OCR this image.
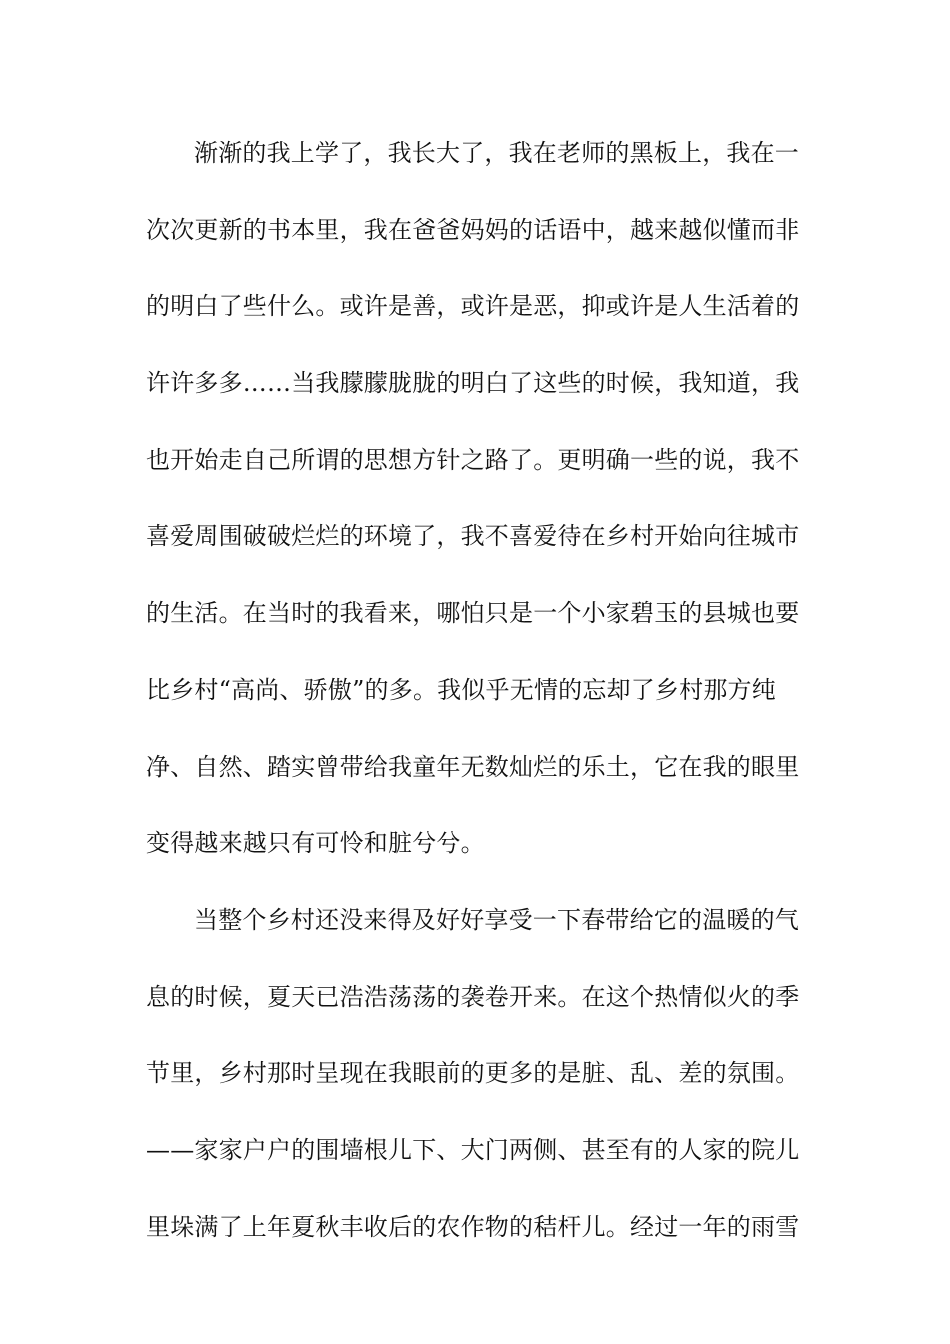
渐渐的我上学了，我长大了，我在老师的黑板上，我在一
次次更新的书本里，我在爸爸妈妈的话语中，越来越似懂而非
的明白了些什么。或许是善，或许是恶，抑或许是人生活着的
许许多多……当我朦朦胧胧的明白了这些的时候，我知道，我
也开始走自己所谓的思想方针之路了。更明确一些的说，我不
喜爱周围破破烂烂的环境了，我不喜爱待在乡村开始向往城市
的生活。在当时的我看来，哪怕只是一个小家碧玉的县城也要
比乡村“高尚、骄傲”的多。我似乎无情的忘却了乡村那方纯
净、自然、踏实曾带给我童年无数灿烂的乐土，它在我的眼里
变得越来越只有可怜和脏兮兮。
当整个乡村还没来得及好好享受一下春带给它的温暖的气
息的时候，夏天已浩浩荡荡的袭卷开来。在这个热情似火的季
节里，乡村那时呈现在我眼前的更多的是脏、乱、差的氛围。
——家家户户的围墙根儿下、大门两侧、甚至有的人家的院儿
里垛满了上年夏秋丰收后的农作物的秸杆儿。经过一年的雨雪
